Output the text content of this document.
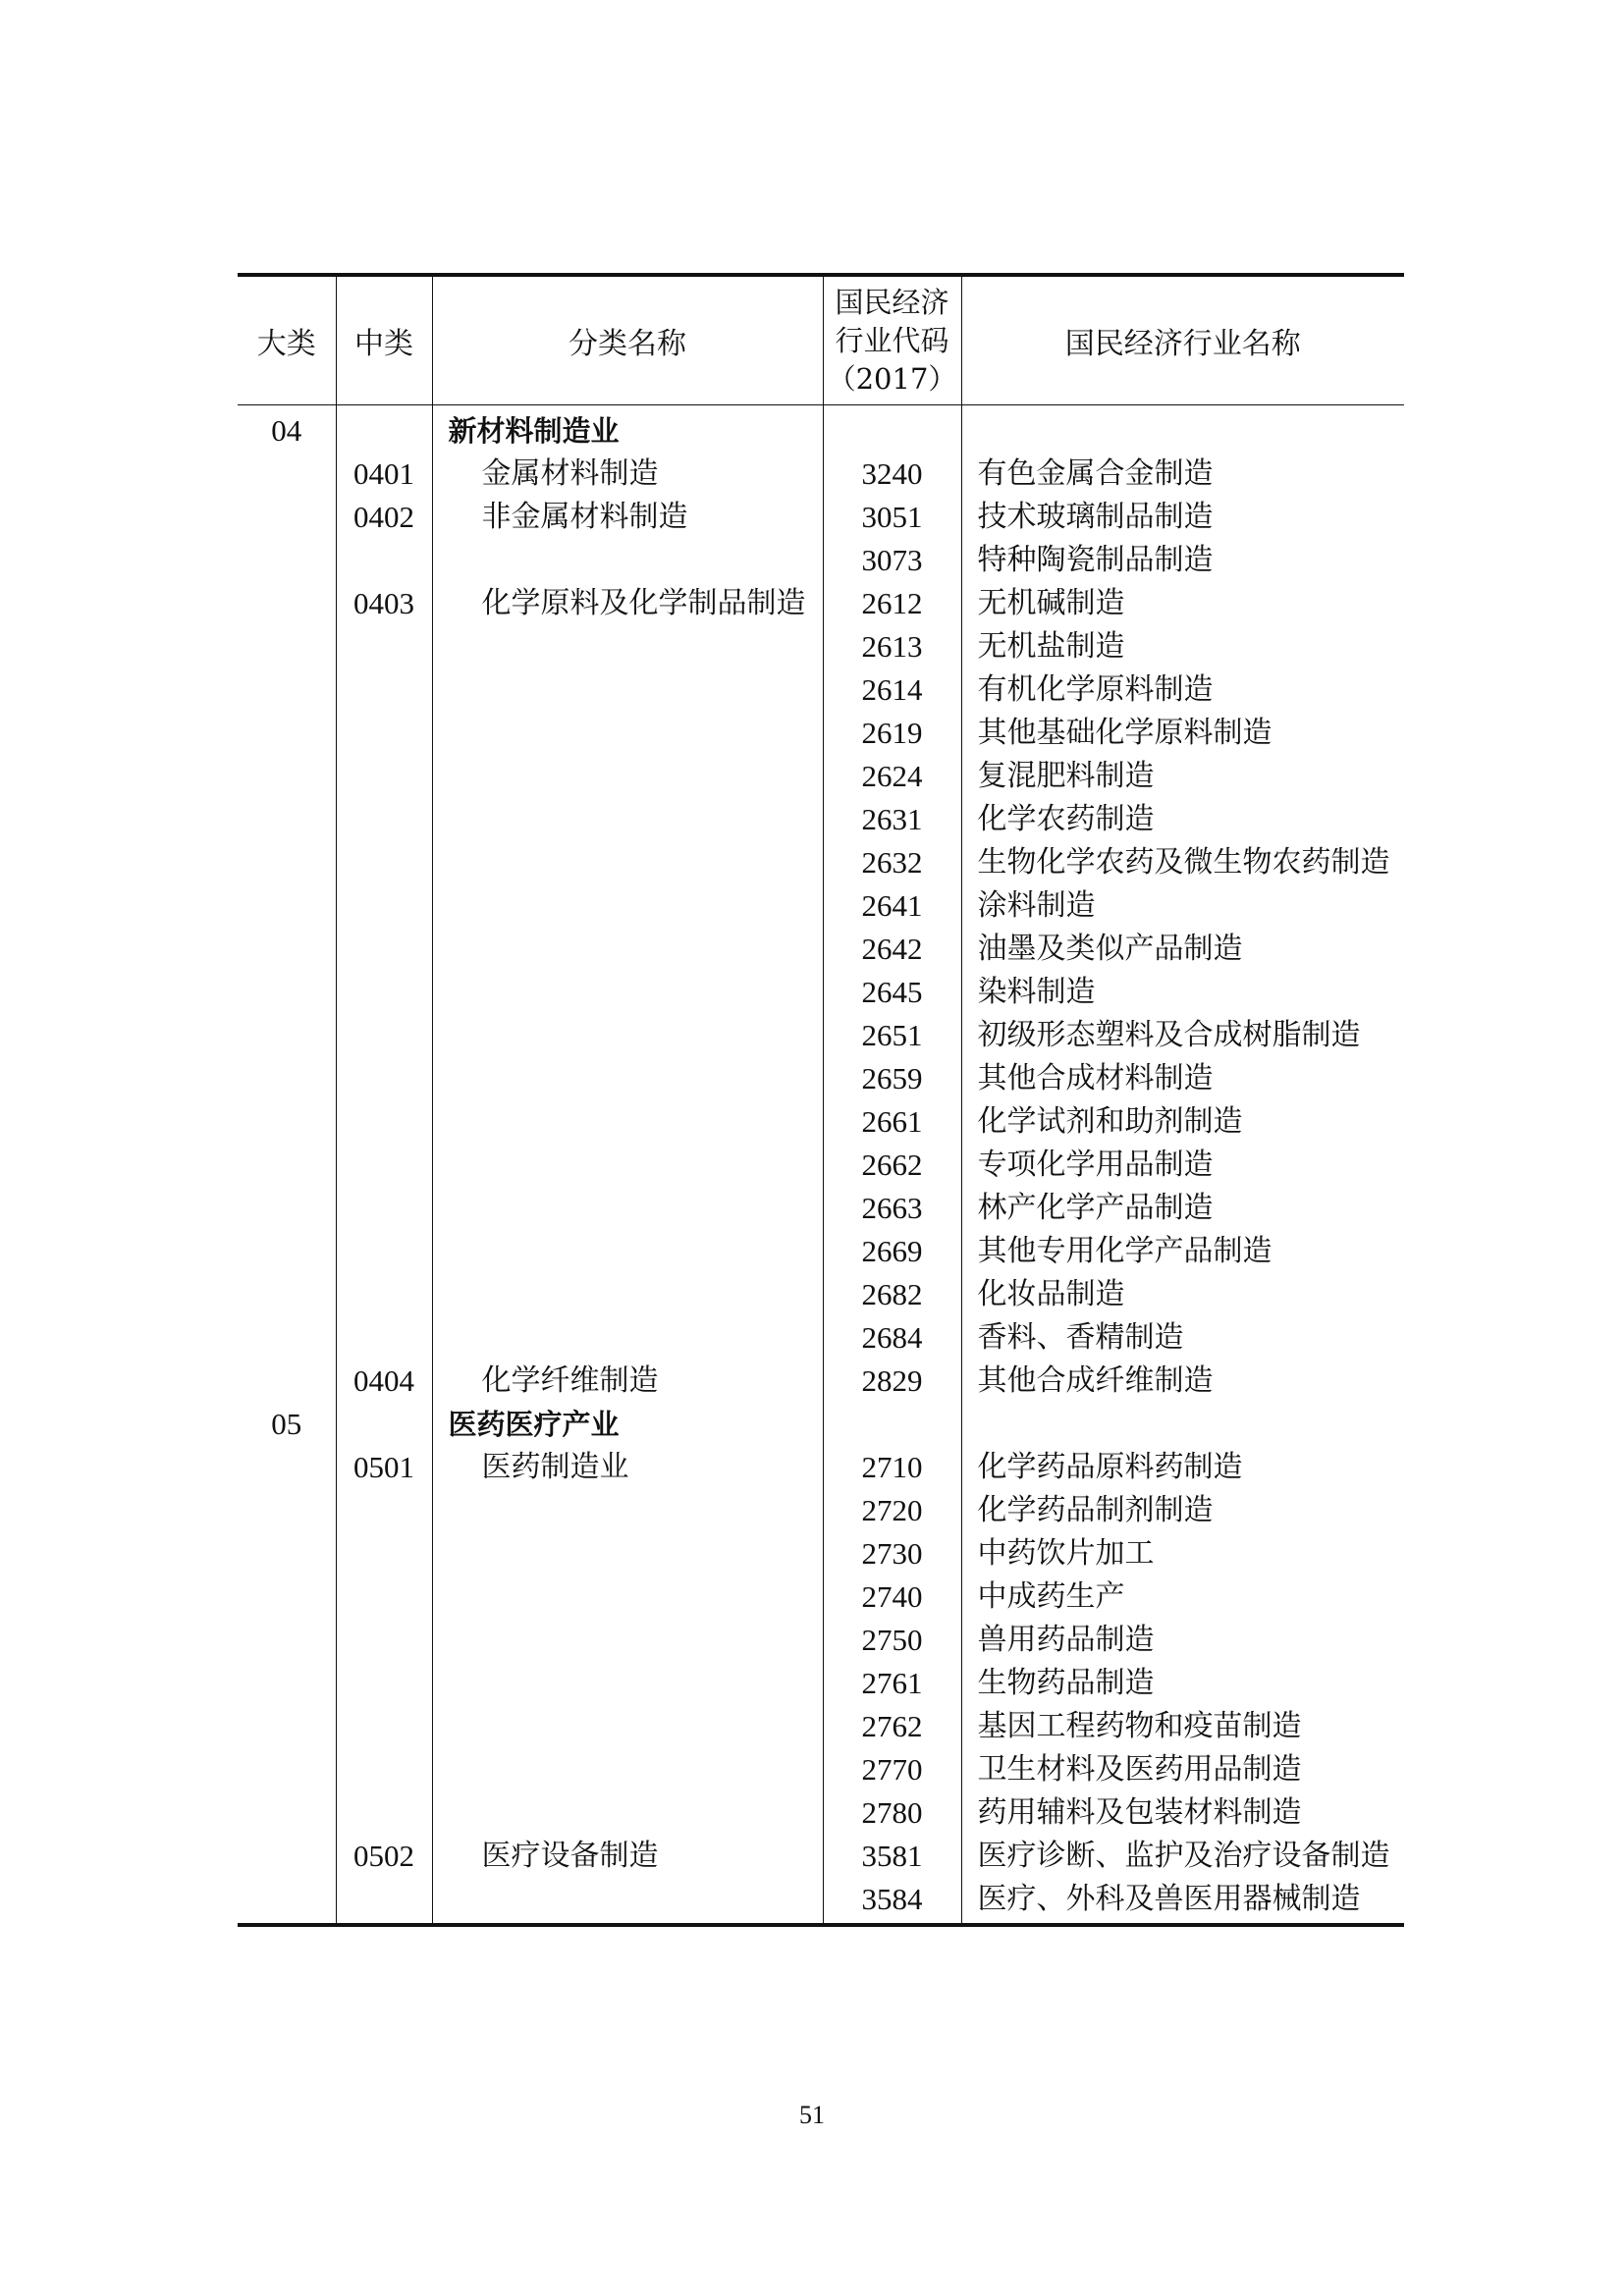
大类	中类	分类名称	国民经济
行业代码
（2017）	国民经济行业名称
04		新材料制造业		
	0401	金属材料制造	3240	有色金属合金制造
	0402	非金属材料制造	3051	技术玻璃制品制造
			3073	特种陶瓷制品制造
	0403	化学原料及化学制品制造	2612	无机碱制造
			2613	无机盐制造
			2614	有机化学原料制造
			2619	其他基础化学原料制造
			2624	复混肥料制造
			2631	化学农药制造
			2632	生物化学农药及微生物农药制造
			2641	涂料制造
			2642	油墨及类似产品制造
			2645	染料制造
			2651	初级形态塑料及合成树脂制造
			2659	其他合成材料制造
			2661	化学试剂和助剂制造
			2662	专项化学用品制造
			2663	林产化学产品制造
			2669	其他专用化学产品制造
			2682	化妆品制造
			2684	香料、香精制造
	0404	化学纤维制造	2829	其他合成纤维制造
05		医药医疗产业		
	0501	医药制造业	2710	化学药品原料药制造
			2720	化学药品制剂制造
			2730	中药饮片加工
			2740	中成药生产
			2750	兽用药品制造
			2761	生物药品制造
			2762	基因工程药物和疫苗制造
			2770	卫生材料及医药用品制造
			2780	药用辅料及包装材料制造
	0502	医疗设备制造	3581	医疗诊断、监护及治疗设备制造
			3584	医疗、外科及兽医用器械制造
51
